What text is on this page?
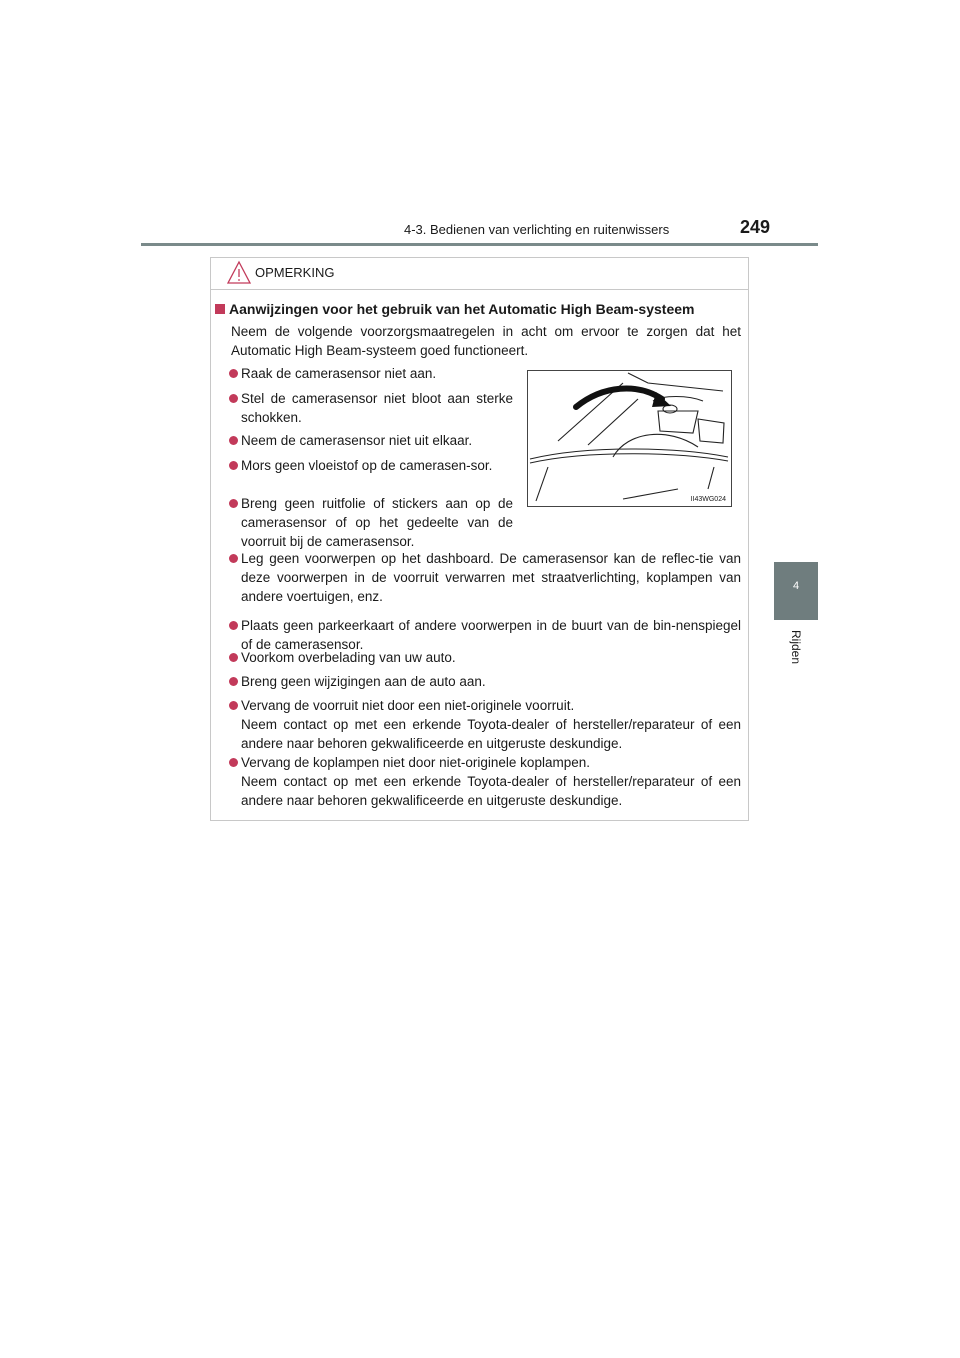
4-3. Bedienen van verlichting en ruitenwissers	249
4
Rijden
OPMERKING
Aanwijzingen voor het gebruik van het Automatic High Beam-systeem
Neem de volgende voorzorgsmaatregelen in acht om ervoor te zorgen dat het Automatic High Beam-systeem goed functioneert.
Raak de camerasensor niet aan.
Stel de camerasensor niet bloot aan sterke schokken.
Neem de camerasensor niet uit elkaar.
Mors geen vloeistof op de camerasen-sor.
Breng geen ruitfolie of stickers aan op de camerasensor of op het gedeelte van de voorruit bij de camerasensor.
Leg geen voorwerpen op het dashboard. De camerasensor kan de reflec-tie van deze voorwerpen in de voorruit verwarren met straatverlichting, koplampen van andere voertuigen, enz.
Plaats geen parkeerkaart of andere voorwerpen in de buurt van de bin-nenspiegel of de camerasensor.
Voorkom overbelading van uw auto.
Breng geen wijzigingen aan de auto aan.
Vervang de voorruit niet door een niet-originele voorruit.
Neem contact op met een erkende Toyota-dealer of hersteller/reparateur of een andere naar behoren gekwalificeerde en uitgeruste deskundige.
Vervang de koplampen niet door niet-originele koplampen.
Neem contact op met een erkende Toyota-dealer of hersteller/reparateur of een andere naar behoren gekwalificeerde en uitgeruste deskundige.
II43WG024
